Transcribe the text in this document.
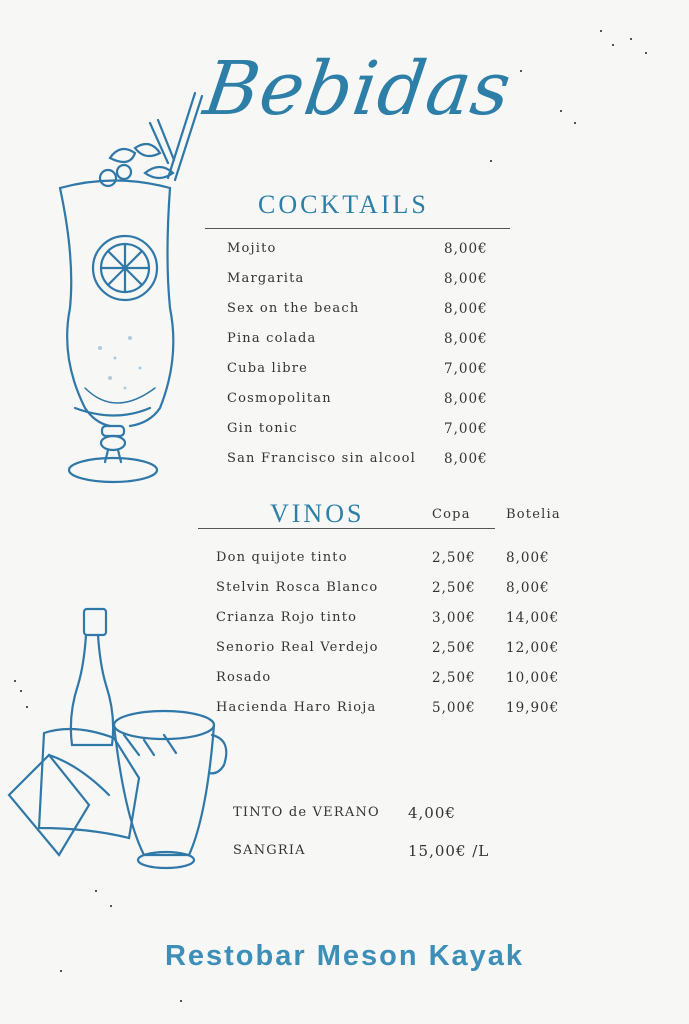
Bebidas
COCKTAILS
Mojito	8,00€
Margarita	8,00€
Sex on the beach	8,00€
Pina colada	8,00€
Cuba libre	7,00€
Cosmopolitan	8,00€
Gin tonic	7,00€
San Francisco sin alcool 8,00€
VINOS	Copa	Botelia
Don quijote tinto	2,50€ 8,00€
Stelvin Rosca Blanco	2,50€ 8,00€
Crianza Rojo tinto	3,00€ 14,00€
Senorio Real Verdejo	2,50€ 12,00€
Rosado	2,50€ 10,00€
Hacienda Haro Rioja	5,00€ 19,90€
TINTO de VERANO 4,00€
SANGRIA	15,00€ /L
Restobar Meson Kayak
